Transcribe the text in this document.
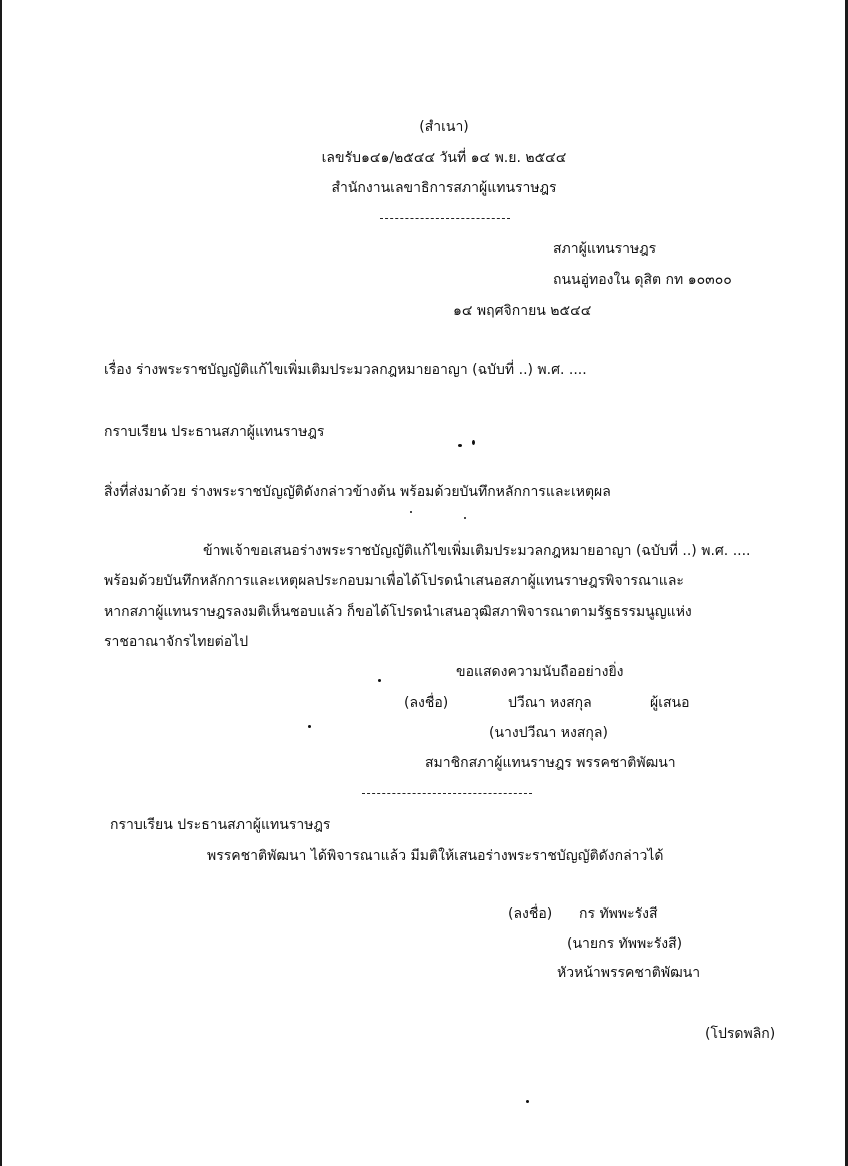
(สำเนา)
เลขรับ๑๔๑/๒๕๔๔ วันที่ ๑๔ พ.ย. ๒๕๔๔
สำนักงานเลขาธิการสภาผู้แทนราษฎร
สภาผู้แทนราษฎร
ถนนอู่ทองใน ดุสิต กท ๑๐๓๐๐
๑๔ พฤศจิกายน ๒๕๔๔
เรื่อง ร่างพระราชบัญญัติแก้ไขเพิ่มเติมประมวลกฎหมายอาญา (ฉบับที่ ..) พ.ศ. ....
กราบเรียน ประธานสภาผู้แทนราษฎร
สิ่งที่ส่งมาด้วย ร่างพระราชบัญญัติดังกล่าวข้างต้น พร้อมด้วยบันทึกหลักการและเหตุผล
ข้าพเจ้าขอเสนอร่างพระราชบัญญัติแก้ไขเพิ่มเติมประมวลกฎหมายอาญา (ฉบับที่ ..) พ.ศ. ....
พร้อมด้วยบันทึกหลักการและเหตุผลประกอบมาเพื่อได้โปรดนำเสนอสภาผู้แทนราษฎรพิจารณาและ
หากสภาผู้แทนราษฎรลงมติเห็นชอบแล้ว ก็ขอได้โปรดนำเสนอวุฒิสภาพิจารณาตามรัฐธรรมนูญแห่ง
ราชอาณาจักรไทยต่อไป
ขอแสดงความนับถืออย่างยิ่ง
(ลงชื่อ)	ปวีณา หงสกุล	ผู้เสนอ
(นางปวีณา หงสกุล)
สมาชิกสภาผู้แทนราษฎร พรรคชาติพัฒนา
กราบเรียน ประธานสภาผู้แทนราษฎร
พรรคชาติพัฒนา ได้พิจารณาแล้ว มีมติให้เสนอร่างพระราชบัญญัติดังกล่าวได้
(ลงชื่อ) กร ทัพพะรังสี
(นายกร ทัพพะรังสี)
หัวหน้าพรรคชาติพัฒนา
(โปรดพลิก)
